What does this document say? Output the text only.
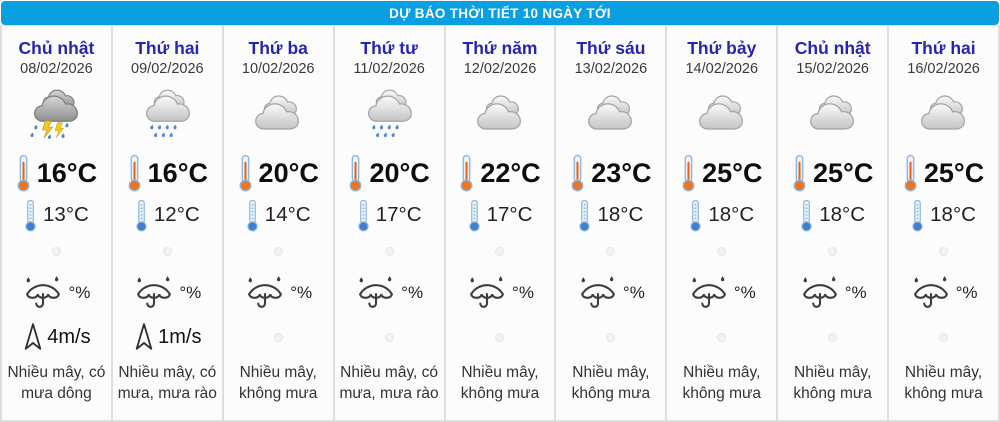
DỰ BÁO THỜI TIẾT 10 NGÀY TỚI
Chủ nhật
08/02/2026
16°C
13°C
°%
4m/s
Nhiều mây, có mưa dông
Thứ hai
09/02/2026
16°C
12°C
°%
1m/s
Nhiều mây, có mưa, mưa rào
Thứ ba
10/02/2026
20°C
14°C
°%
Nhiều mây, không mưa
Thứ tư
11/02/2026
20°C
17°C
°%
Nhiều mây, có mưa, mưa rào
Thứ năm
12/02/2026
22°C
17°C
°%
Nhiều mây, không mưa
Thứ sáu
13/02/2026
23°C
18°C
°%
Nhiều mây, không mưa
Thứ bảy
14/02/2026
25°C
18°C
°%
Nhiều mây, không mưa
Chủ nhật
15/02/2026
25°C
18°C
°%
Nhiều mây, không mưa
Thứ hai
16/02/2026
25°C
18°C
°%
Nhiều mây, không mưa
